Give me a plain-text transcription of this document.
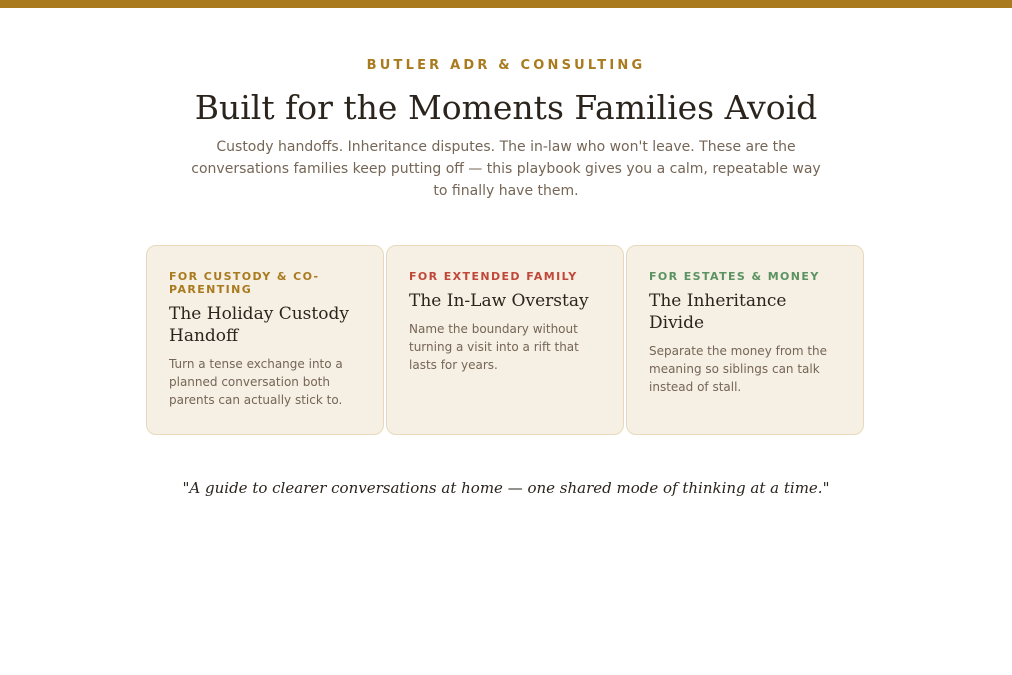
BUTLER ADR & CONSULTING
Built for the Moments Families Avoid

Custody handoffs. Inheritance disputes. The in-law who won't leave. These are the conversations families keep putting off — this playbook gives you a calm, repeatable way to finally have them.

FOR CUSTODY & CO-PARENTING
The Holiday Custody Handoff

Turn a tense exchange into a planned conversation both parents can actually stick to.

FOR EXTENDED FAMILY
The In-Law Overstay

Name the boundary without turning a visit into a rift that lasts for years.

FOR ESTATES & MONEY
The Inheritance Divide

Separate the money from the meaning so siblings can talk instead of stall.

"A guide to clearer conversations at home — one shared mode of thinking at a time."
